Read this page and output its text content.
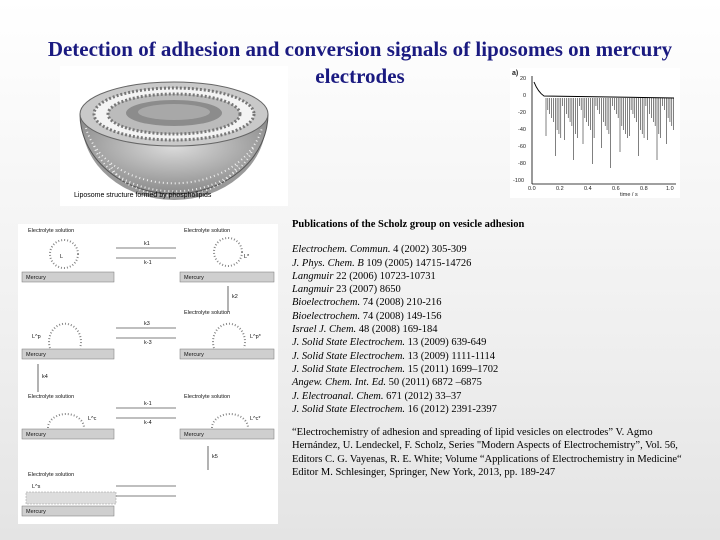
Detection of adhesion and conversion signals of liposomes on mercury electrodes
Liposome structure formed by phospholipids
a)
20
0
-20
-40
-60
-80
-100
0.0	0.2	0.4	0.6	0.8	1.0
time / s
Electrolyte solution	Electrolyte solution
L	L*
k1
k-1
Mercury	Mercury
k2
Electrolyte solution
k3
k-3
L^p	L^p*
Mercury	Mercury
k4
Electrolyte solution	Electrolyte solution
L^c	L^c*
k-1
k-4
Mercury	Mercury
k5
Electrolyte solution
L^s
Mercury
Publications of the Scholz group on vesicle adhesion
Electrochem. Commun. 4 (2002) 305-309
J. Phys. Chem. B 109 (2005) 14715-14726
Langmuir 22 (2006) 10723-10731
Langmuir 23 (2007) 8650
Bioelectrochem. 74 (2008) 210-216
Bioelectrochem. 74 (2008) 149-156
Israel J. Chem. 48 (2008) 169-184
J. Solid State Electrochem. 13 (2009) 639-649
J. Solid State Electrochem. 13 (2009) 1111-1114
J. Solid State Electrochem. 15 (2011) 1699–1702
Angew. Chem. Int. Ed. 50 (2011) 6872 –6875
J. Electroanal. Chem. 671 (2012) 33–37
J. Solid State Electrochem. 16 (2012) 2391-2397
“Electrochemistry of adhesion and spreading of lipid vesicles on electrodes” V. Agmo Hernández, U. Lendeckel, F. Scholz, Series "Modern Aspects of Electrochemistry”, Vol. 56, Editors C. G. Vayenas, R. E. White; Volume “Applications of Electrochemistry in Medicine“ Editor M. Schlesinger, Springer, New York, 2013, pp. 189-247
